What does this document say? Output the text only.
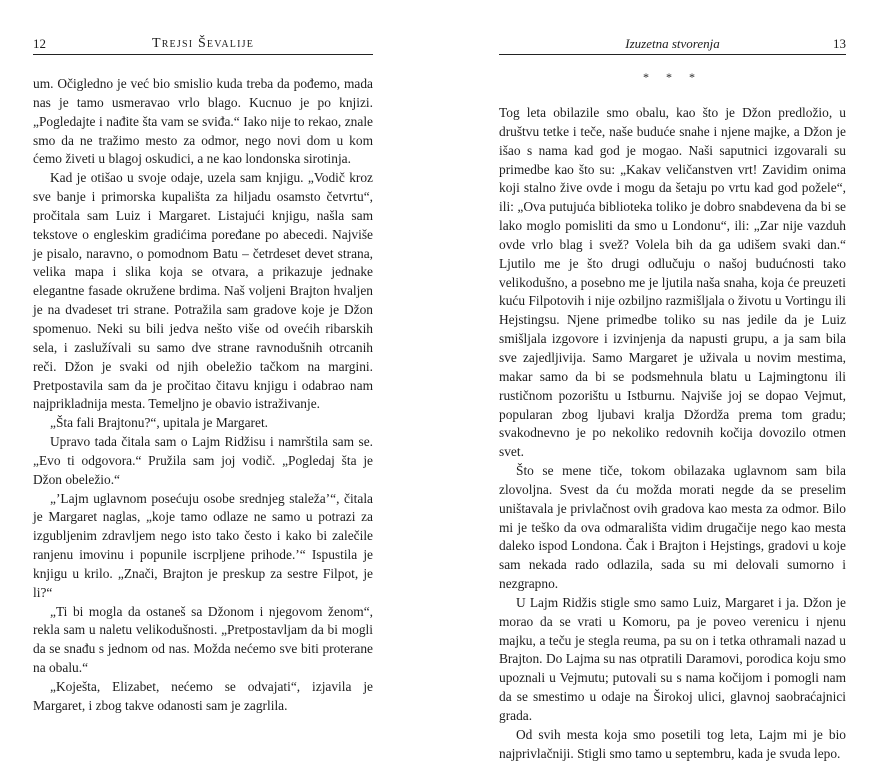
12	Trejsi Ševalije

um. Očigledno je već bio smislio kuda treba da pođemo, mada nas je tamo usmeravao vrlo blago. Kucnuo je po knjizi. „Pogledajte i nađite šta vam se sviđa.“ Iako nije to rekao, znale smo da ne tražimo mesto za odmor, nego novi dom u kom ćemo živeti u blagoj oskudici, a ne kao londonska sirotinja.

Kad je otišao u svoje odaje, uzela sam knjigu. „Vodič kroz sve banje i primorska kupališta za hiljadu osamsto četvrtu“, pročitala sam Luiz i Margaret. Listajući knjigu, našla sam tekstove o engleskim gradićima poređane po abecedi. Najviše je pisalo, naravno, o pomodnom Batu – četrdeset devet strana, velika mapa i slika koja se otvara, a prikazuje jednake elegantne fasade okružene brdima. Naš voljeni Brajton hvaljen je na dvadeset tri strane. Potražila sam gradove koje je Džon spomenuo. Neki su bili jedva nešto više od ovećih ribarskih sela, i zaslužívali su samo dve strane ravnodušnih otrcanih reči. Džon je svaki od njih obeležio tačkom na margini. Pretpostavila sam da je pročitao čitavu knjigu i odabrao nam najprikladnija mesta. Temeljno je obavio istraživanje.

„Šta fali Brajtonu?“, upitala je Margaret.

Upravo tada čitala sam o Lajm Ridžisu i namrštila sam se. „Evo ti odgovora.“ Pružila sam joj vodič. „Pogledaj šta je Džon obeležio.“

„’Lajm uglavnom posećuju osobe srednjeg staleža’“, čitala je Margaret naglas, „koje tamo odlaze ne samo u potrazi za izgubljenim zdravljem nego isto tako često i kako bi zalečile ranjenu imovinu i popunile iscrpljene prihode.’“ Ispustila je knjigu u krilo. „Znači, Brajton je preskup za sestre Filpot, je li?“

„Ti bi mogla da ostaneš sa Džonom i njegovom ženom“, rekla sam u naletu velikodušnosti. „Pretpostavljam da bi mogli da se snađu s jednom od nas. Možda nećemo sve biti proterane na obalu.“

„Koješta, Elizabet, nećemo se odvajati“, izjavila je Margaret, i zbog takve odanosti sam je zagrlila.

Izuzetna stvorenja	13
* * *

Tog leta obilazile smo obalu, kao što je Džon predložio, u društvu tetke i teče, naše buduće snahe i njene majke, a Džon je išao s nama kad god je mogao. Naši saputnici izgovarali su primedbe kao što su: „Kakav veličanstven vrt! Zavidim onima koji stalno žive ovde i mogu da šetaju po vrtu kad god požele“, ili: „Ova putujuća biblioteka toliko je dobro snabdevena da bi se lako moglo pomisliti da smo u Londonu“, ili: „Zar nije vazduh ovde vrlo blag i svež? Volela bih da ga udišem svaki dan.“ Ljutilo me je što drugi odlučuju o našoj budućnosti tako velikodušno, a posebno me je ljutila naša snaha, koja će preuzeti kuću Filpotovih i nije ozbiljno razmišljala o životu u Vortingu ili Hejstingsu. Njene primedbe toliko su nas jedile da je Luiz smišljala izgovore i izvinjenja da napusti grupu, a ja sam bila sve zajedljivija. Samo Margaret je uživala u novim mestima, makar samo da bi se podsmehnula blatu u Lajmingtonu ili rustičnom pozorištu u Istburnu. Najviše joj se dopao Vejmut, popularan zbog ljubavi kralja Džordža prema tom gradu; svakodnevno je po nekoliko redovnih kočija dovozilo otmen svet.

Što se mene tiče, tokom obilazaka uglavnom sam bila zlovoljna. Svest da ću možda morati negde da se preselim uništavala je privlačnost ovih gradova kao mesta za odmor. Bilo mi je teško da ova odmarališta vidim drugačije nego kao mesta daleko ispod Londona. Čak i Brajton i Hejstings, gradovi u koje sam nekada rado odlazila, sada su mi delovali sumorno i nezgrapno.

U Lajm Ridžis stigle smo samo Luiz, Margaret i ja. Džon je morao da se vrati u Komoru, pa je poveo verenicu i njenu majku, a teču je stegla reuma, pa su on i tetka othramali nazad u Brajton. Do Lajma su nas otpratili Daramovi, porodica koju smo upoznali u Vejmutu; putovali su s nama kočijom i pomogli nam da se smestimo u odaje na Širokoj ulici, glavnoj saobraćajnici grada.

Od svih mesta koja smo posetili tog leta, Lajm mi je bio najprivlačniji. Stigli smo tamo u septembru, kada je svuda lepo.
